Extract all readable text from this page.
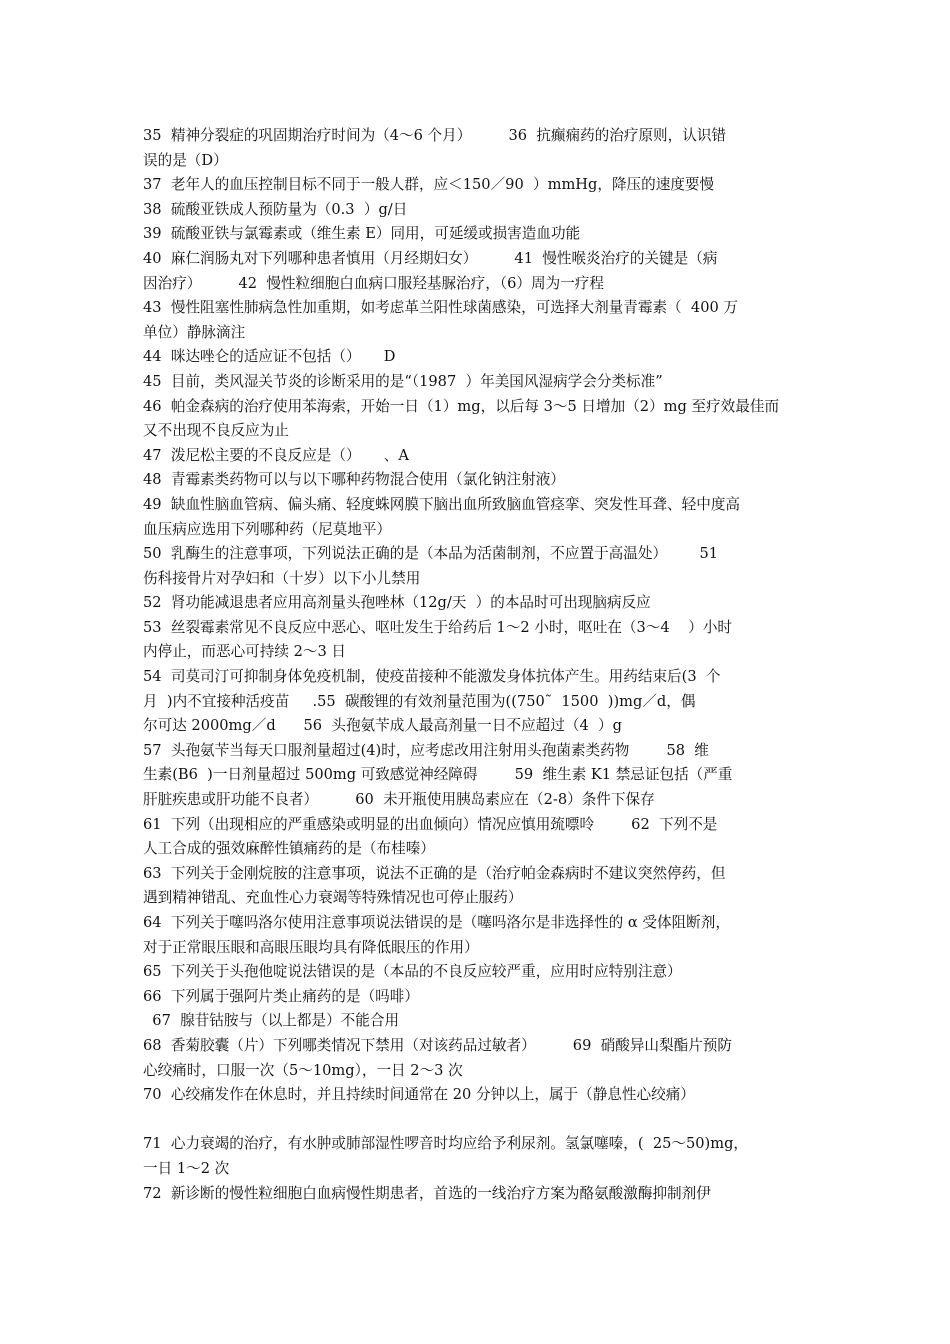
35  精神分裂症的巩固期治疗时间为（4～6 个月）        36  抗癫痫药的治疗原则，认识错
误的是（D）
37  老年人的血压控制目标不同于一般人群，应＜150／90  ）mmHg，降压的速度要慢
38  硫酸亚铁成人预防量为（0.3  ）g/日
39  硫酸亚铁与氯霉素或（维生素 E）同用，可延缓或损害造血功能
40  麻仁润肠丸对下列哪种患者慎用（月经期妇女）        41  慢性喉炎治疗的关键是（病
因治疗）        42  慢性粒细胞白血病口服羟基脲治疗，（6）周为一疗程
43  慢性阻塞性肺病急性加重期，如考虑革兰阳性球菌感染，可选择大剂量青霉素（  400 万
单位）静脉滴注
44  咪达唑仑的适应证不包括（）     D
45  目前，类风湿关节炎的诊断采用的是“（1987  ）年美国风湿病学会分类标准”
46  帕金森病的治疗使用苯海索，开始一日（1）mg，以后每 3～5 日增加（2）mg 至疗效最佳而
又不出现不良反应为止
47  泼尼松主要的不良反应是（）     、A
48  青霉素类药物可以与以下哪种药物混合使用（氯化钠注射液）
49  缺血性脑血管病、偏头痛、轻度蛛网膜下脑出血所致脑血管痉挛、突发性耳聋、轻中度高
血压病应选用下列哪种药（尼莫地平）
50  乳酶生的注意事项，下列说法正确的是（本品为活菌制剂，不应置于高温处）       51
伤科接骨片对孕妇和（十岁）以下小儿禁用
52  肾功能减退患者应用高剂量头孢唑林（12g/天  ）的本品时可出现脑病反应
53  丝裂霉素常见不良反应中恶心、呕吐发生于给药后 1～2 小时，呕吐在（3～4    ）小时
内停止，而恶心可持续 2～3 日
54  司莫司汀可抑制身体免疫机制，使疫苗接种不能激发身体抗体产生。用药结束后(3  个
月  )内不宜接种活疫苗     .55  碳酸锂的有效剂量范围为((750˜  1500  ))mg／d，偶
尔可达 2000mg／d      56  头孢氨苄成人最高剂量一日不应超过（4  ）g
57  头孢氨苄当每天口服剂量超过(4)时，应考虑改用注射用头孢菌素类药物        58  维
生素(B6  )一日剂量超过 500mg 可致感觉神经障碍        59  维生素 K1 禁忌证包括（严重
肝脏疾患或肝功能不良者）        60  未开瓶使用胰岛素应在（2-8）条件下保存
61  下列（出现相应的严重感染或明显的出血倾向）情况应慎用巯嘌呤        62  下列不是
人工合成的强效麻醉性镇痛药的是（布桂嗪）
63  下列关于金刚烷胺的注意事项，说法不正确的是（治疗帕金森病时不建议突然停药，但
遇到精神错乱、充血性心力衰竭等特殊情况也可停止服药）
64  下列关于噻吗洛尔使用注意事项说法错误的是（噻吗洛尔是非选择性的 α 受体阻断剂，
对于正常眼压眼和高眼压眼均具有降低眼压的作用）
65  下列关于头孢他啶说法错误的是（本品的不良反应较严重，应用时应特别注意）
66  下列属于强阿片类止痛药的是（吗啡）
67  腺苷钴胺与（以上都是）不能合用
68  香菊胶囊（片）下列哪类情况下禁用（对该药品过敏者）        69  硝酸异山梨酯片预防
心绞痛时，口服一次（5～10mg），一日 2～3 次
70  心绞痛发作在休息时，并且持续时间通常在 20 分钟以上，属于（静息性心绞痛）
71  心力衰竭的治疗，有水肿或肺部湿性啰音时均应给予利尿剂。氢氯噻嗪，(  25～50)mg，
一日 1～2 次
72  新诊断的慢性粒细胞白血病慢性期患者，首选的一线治疗方案为酪氨酸激酶抑制剂伊
